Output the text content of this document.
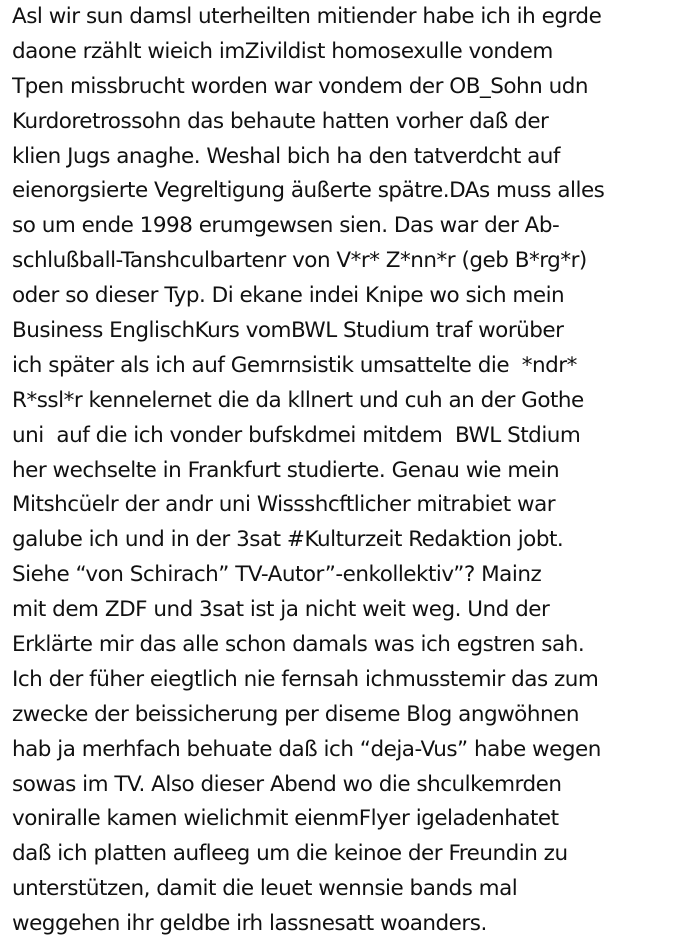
Asl wir sun damsl uterheilten mitiender habe ich ih egrde
daone rzählt wieich imZivildist homosexulle vondem
Tpen missbrucht worden war vondem der OB_Sohn udn
Kurdoretrossohn das behaute hatten vorher daß der
klien Jugs anaghe. Weshal bich ha den tatverdcht auf
eienorgsierte Vegreltigung äußerte spätre.DAs muss alles
so um ende 1998 erumgewsen sien. Das war der Ab-
schlußball-Tanshculbartenr von V*r* Z*nn*r (geb B*rg*r)
oder so dieser Typ. Di ekane indei Knipe wo sich mein
Business EnglischKurs vomBWL Studium traf worüber
ich später als ich auf Gemrnsistik umsattelte die  *ndr*
R*ssl*r kennelernet die da kllnert und cuh an der Gothe
uni  auf die ich vonder bufskdmei mitdem  BWL Stdium
her wechselte in Frankfurt studierte. Genau wie mein
Mitshcüelr der andr uni Wissshcftlicher mitrabiet war
galube ich und in der 3sat #Kulturzeit Redaktion jobt.
Siehe “von Schirach” TV-Autor”-enkollektiv”? Mainz
mit dem ZDF und 3sat ist ja nicht weit weg. Und der
Erklärte mir das alle schon damals was ich egstren sah.
Ich der füher eiegtlich nie fernsah ichmusstemir das zum
zwecke der beissicherung per diseme Blog angwöhnen
hab ja merhfach behuate daß ich “deja-Vus” habe wegen
sowas im TV. Also dieser Abend wo die shculkemrden
voniralle kamen wielichmit eienmFlyer igeladenhatet
daß ich platten aufleeg um die keinoe der Freundin zu
unterstützen, damit die leuet wennsie bands mal
weggehen ihr geldbe irh lassnesatt woanders.
